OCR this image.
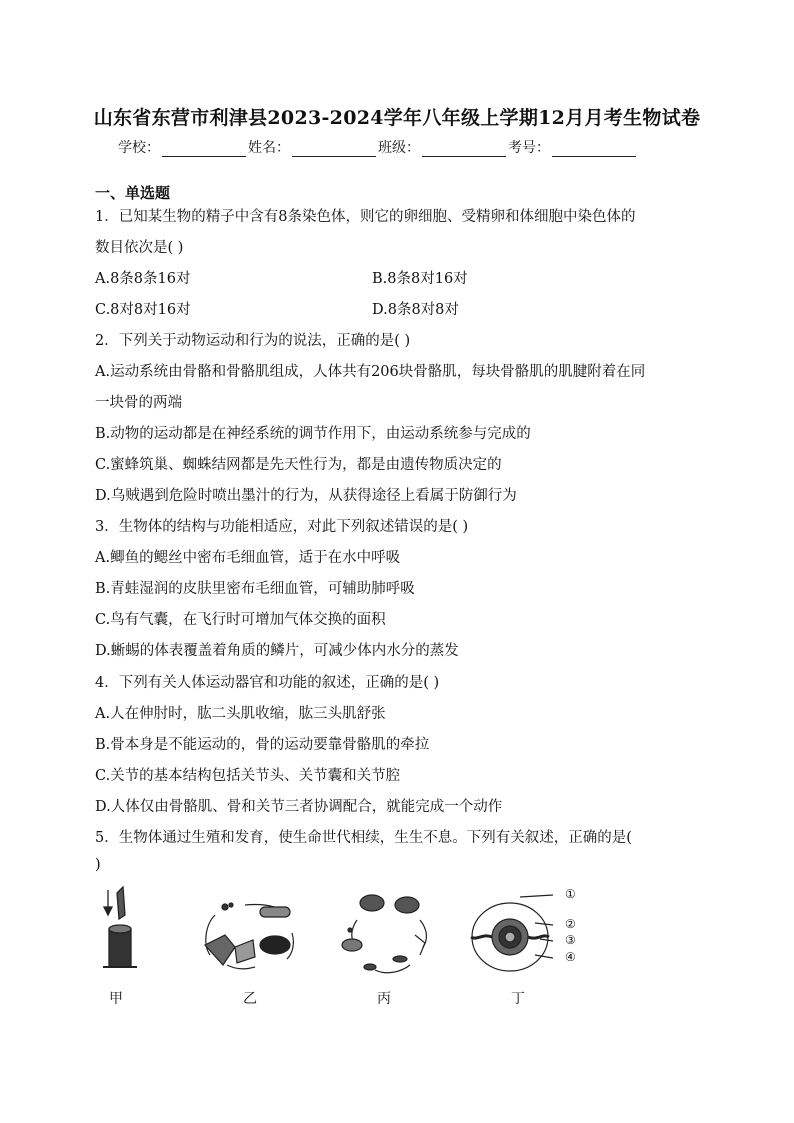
山东省东营市利津县2023-2024学年八年级上学期12月月考生物试卷
学校：	姓名：	班级：	考号：
一、单选题
1．已知某生物的精子中含有8条染色体，则它的卵细胞、受精卵和体细胞中染色体的
数目依次是( )
A.8条8条16对	B.8条8对16对
C.8对8对16对	D.8条8对8对
2．下列关于动物运动和行为的说法，正确的是( )
A.运动系统由骨骼和骨骼肌组成，人体共有206块骨骼肌，每块骨骼肌的肌腱附着在同
一块骨的两端
B.动物的运动都是在神经系统的调节作用下，由运动系统参与完成的
C.蜜蜂筑巢、蜘蛛结网都是先天性行为，都是由遗传物质决定的
D.乌贼遇到危险时喷出墨汁的行为，从获得途径上看属于防御行为
3．生物体的结构与功能相适应，对此下列叙述错误的是( )
A.鲫鱼的鳃丝中密布毛细血管，适于在水中呼吸
B.青蛙湿润的皮肤里密布毛细血管，可辅助肺呼吸
C.鸟有气囊，在飞行时可增加气体交换的面积
D.蜥蜴的体表覆盖着角质的鳞片，可减少体内水分的蒸发
4．下列有关人体运动器官和功能的叙述，正确的是( )
A.人在伸肘时，肱二头肌收缩，肱三头肌舒张
B.骨本身是不能运动的，骨的运动要靠骨骼肌的牵拉
C.关节的基本结构包括关节头、关节囊和关节腔
D.人体仅由骨骼肌、骨和关节三者协调配合，就能完成一个动作
5．生物体通过生殖和发育，使生命世代相续，生生不息。下列有关叙述，正确的是(
)
①
②
③
④
甲	乙	丙	丁
